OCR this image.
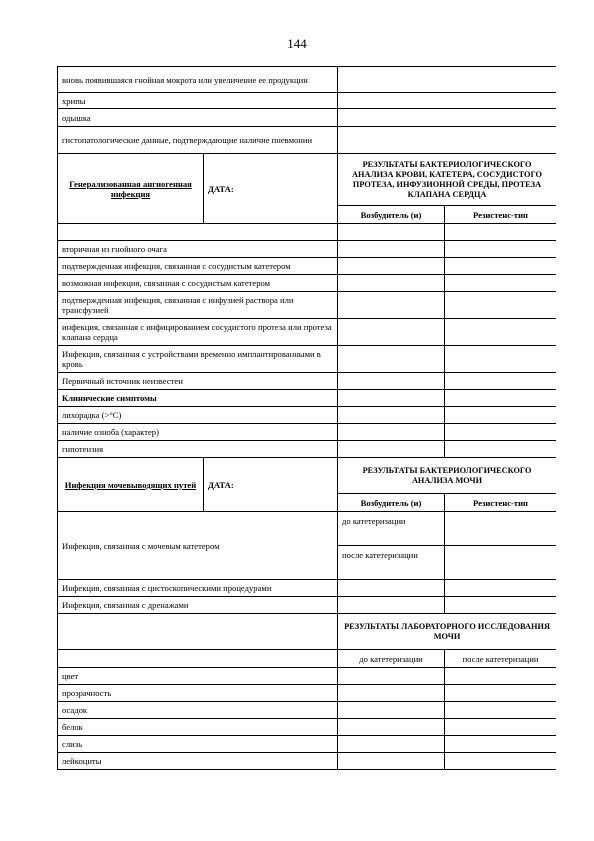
144
вновь появившаяся гнойная мокрота или увеличение ее продукции			
хрипы			
одышка			
гистопатологические данные, подтверждающие наличие пневмонии			
Генерализованная ангиогенная инфекция	ДАТА:	РЕЗУЛЬТАТЫ БАКТЕРИОЛОГИЧЕСКОГО АНАЛИЗА КРОВИ, КАТЕТЕРА, СОСУДИСТОГО ПРОТЕЗА, ИНФУЗИОННОЙ СРЕДЫ, ПРОТЕЗА КЛАПАНА СЕРДЦА	
		Возбудитель (и)	Резистенс-тип

вторичная из гнойного очага			
подтвержденная инфекция, связанная с сосудистым катетером			
возможная инфекция, связанная с сосудистым катетером			
подтвержденная инфекция, связанная с инфузией раствора или трансфузией			
инфекция, связанная с инфицированием сосудистого протеза или протеза клапана сердца			
Инфекция, связанная с устройствами временно имплантированными в кровь			
Первичный источник неизвестен			
Клинические симптомы			
лихорадка (>°С)			
наличие озноба (характер)			
гипотензия			
Инфекция мочевыводящих путей	ДАТА:	РЕЗУЛЬТАТЫ БАКТЕРИОЛОГИЧЕСКОГО АНАЛИЗА МОЧИ	
		Возбудитель (и)	Резистенс-тип
Инфекция, связанная с мочевым катетером		до катетеризации	
		после катетеризации	
Инфекция, связанная с цистоскопическими процедурами			
Инфекция, связанная с дренажами			
		РЕЗУЛЬТАТЫ ЛАБОРАТОРНОГО ИССЛЕДОВАНИЯ МОЧИ	
		до катетеризации	после катетеризации
цвет			
прозрачность			
осадок			
белок			
слизь			
лейкоциты			
